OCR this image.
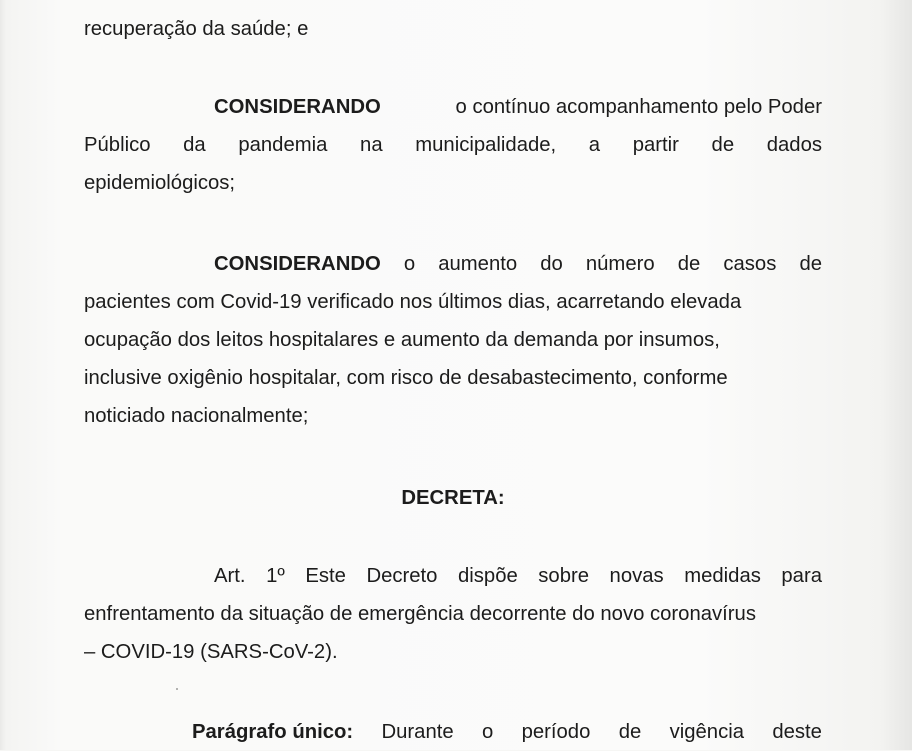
recuperação da saúde; e
CONSIDERANDO	o contínuo acompanhamento pelo Poder
Público da pandemia na municipalidade, a partir de dados
epidemiológicos;
CONSIDERANDO o aumento do número de casos de
pacientes com Covid-19 verificado nos últimos dias, acarretando elevada
ocupação dos leitos hospitalares e aumento da demanda por insumos,
inclusive oxigênio hospitalar, com risco de desabastecimento, conforme
noticiado nacionalmente;
DECRETA:
Art. 1º Este Decreto dispõe sobre novas medidas para
enfrentamento da situação de emergência decorrente do novo coronavírus
– COVID-19 (SARS-CoV-2).
Parágrafo único: Durante o período de vigência deste
